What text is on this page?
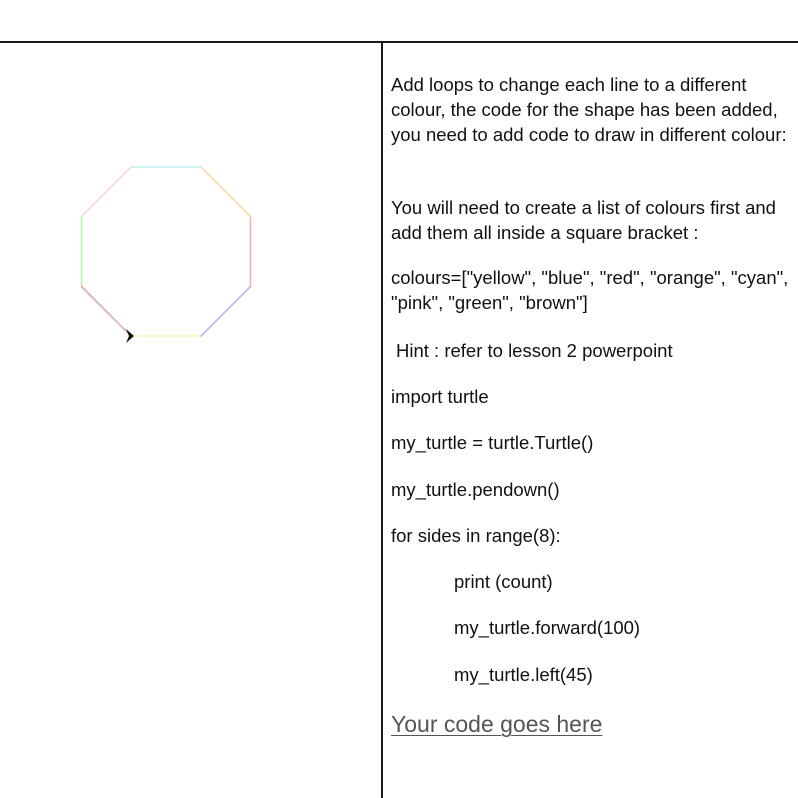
Add loops to change each line to a different colour, the code for the shape has been added, you need to add code to draw in different colour:

You will need to create a list of colours first and add them all inside a square bracket :

colours=["yellow", "blue", "red", "orange", "cyan", "pink", "green", "brown"]

Hint : refer to lesson 2 powerpoint

import turtle

my_turtle = turtle.Turtle()

my_turtle.pendown()

for sides in range(8):

print (count)

my_turtle.forward(100)

my_turtle.left(45)

Your code goes here
